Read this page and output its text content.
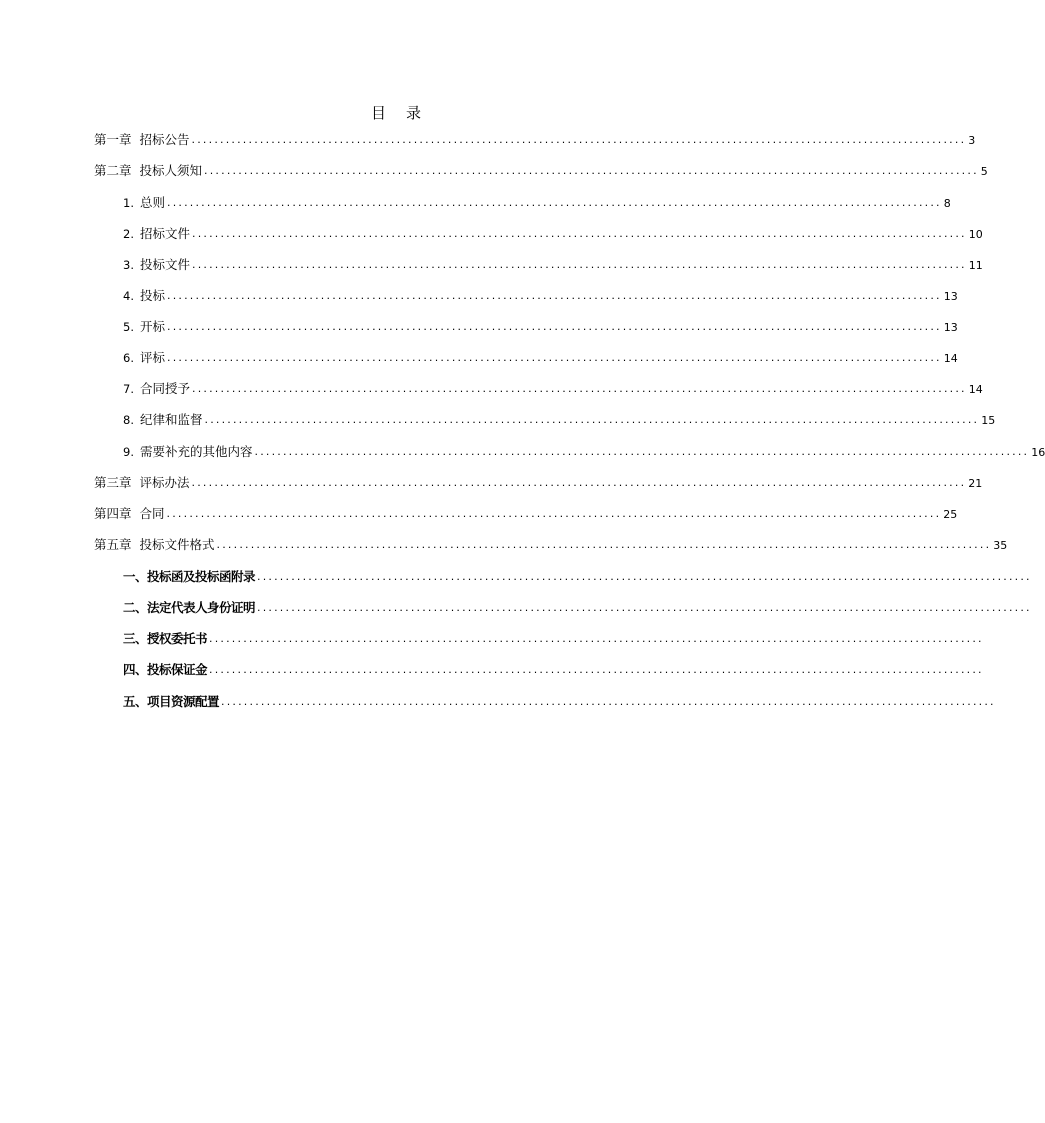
目 录
第一章 招标公告 ........................................................................................................................................ 3
第二章 投标人须知 ........................................................................................................................................ 5
1. 总则 ........................................................................................................................................ 8
2. 招标文件 ........................................................................................................................................ 10
3. 投标文件 ........................................................................................................................................ 11
4. 投标 ........................................................................................................................................ 13
5. 开标 ........................................................................................................................................ 13
6. 评标 ........................................................................................................................................ 14
7. 合同授予 ........................................................................................................................................ 14
8. 纪律和监督 ........................................................................................................................................ 15
9. 需要补充的其他内容 ........................................................................................................................................ 16
第三章 评标办法 ........................................................................................................................................ 21
第四章 合同 ........................................................................................................................................ 25
第五章 投标文件格式 ........................................................................................................................................ 35
一、投标函及投标函附录 ........................................................................................................................................
二、法定代表人身份证明 ........................................................................................................................................
三、授权委托书 ........................................................................................................................................
四、投标保证金 ........................................................................................................................................
五、项目资源配置 ........................................................................................................................................
